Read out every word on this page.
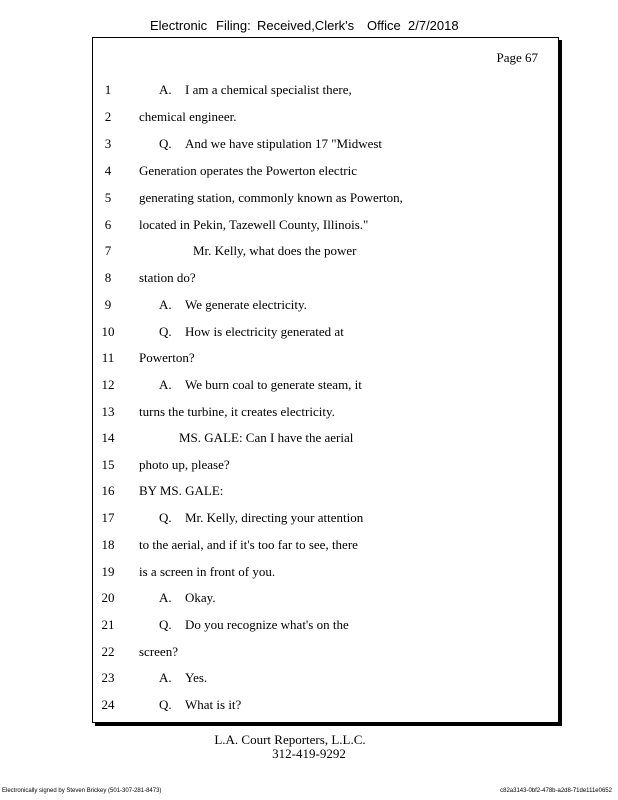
Electronic Filing: Received,Clerk's Office 2/7/2018
Page 67
1	A. I am a chemical specialist there,
2	chemical engineer.
3	Q. And we have stipulation 17 "Midwest
4	Generation operates the Powerton electric
5	generating station, commonly known as Powerton,
6	located in Pekin, Tazewell County, Illinois."
7	Mr. Kelly, what does the power
8	station do?
9	A. We generate electricity.
10	Q. How is electricity generated at
11	Powerton?
12	A. We burn coal to generate steam, it
13	turns the turbine, it creates electricity.
14	MS. GALE: Can I have the aerial
15	photo up, please?
16	BY MS. GALE:
17	Q. Mr. Kelly, directing your attention
18	to the aerial, and if it's too far to see, there
19	is a screen in front of you.
20	A. Okay.
21	Q. Do you recognize what's on the
22	screen?
23	A. Yes.
24	Q. What is it?
L.A. Court Reporters, L.L.C.
312-419-9292
Electronically signed by Steven Brickey (501-307-281-8473)	c82a3143-0bf2-478b-a2d8-71de111e0652
